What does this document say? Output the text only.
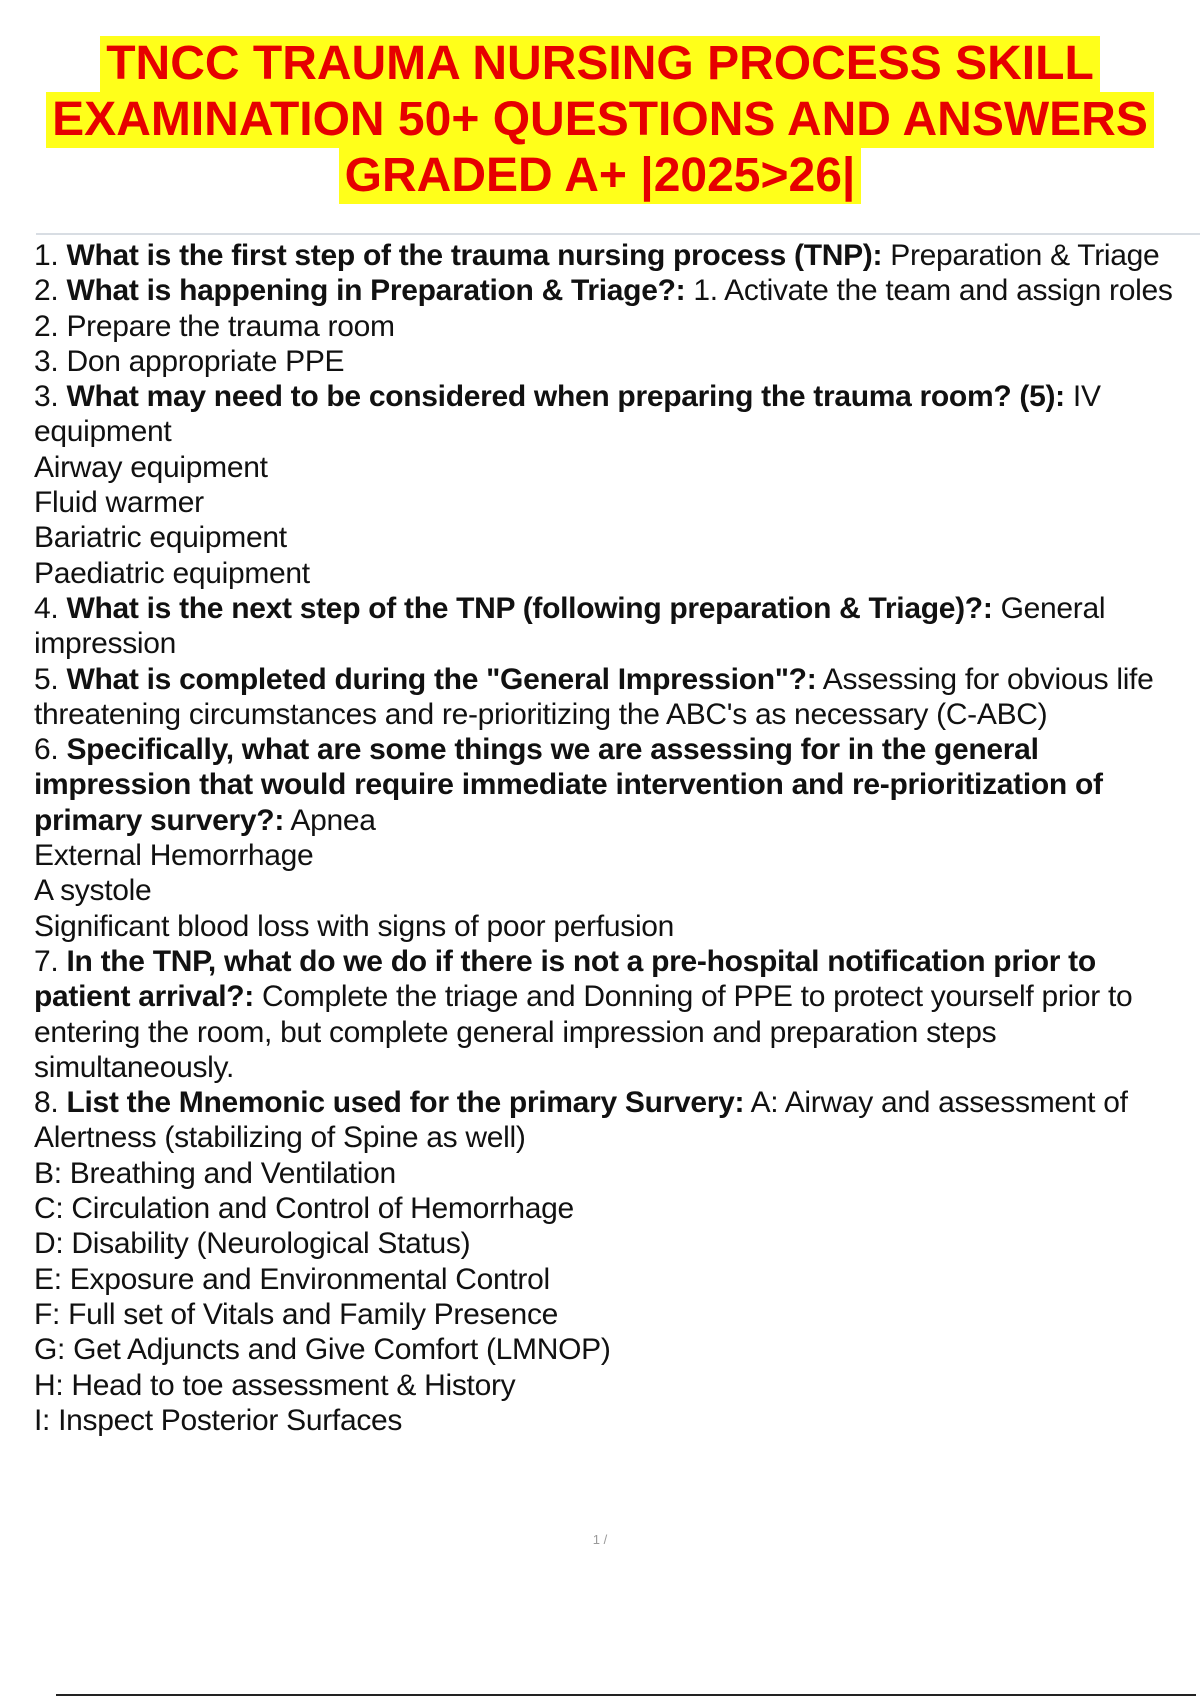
TNCC TRAUMA NURSING PROCESS SKILL
EXAMINATION 50+ QUESTIONS AND ANSWERS
GRADED A+ |2025>26|
1. What is the first step of the trauma nursing process (TNP): Preparation & Triage
2. What is happening in Preparation & Triage?: 1. Activate the team and assign roles
2. Prepare the trauma room
3. Don appropriate PPE
3. What may need to be considered when preparing the trauma room? (5): IV equipment
Airway equipment
Fluid warmer
Bariatric equipment
Paediatric equipment
4. What is the next step of the TNP (following preparation & Triage)?: General impression
5. What is completed during the "General Impression"?: Assessing for obvious life threatening circumstances and re-prioritizing the ABC's as necessary (C-ABC)
6. Specifically, what are some things we are assessing for in the general impression that would require immediate intervention and re-prioritization of primary survery?: Apnea
External Hemorrhage
A systole
Significant blood loss with signs of poor perfusion
7. In the TNP, what do we do if there is not a pre-hospital notification prior to patient arrival?: Complete the triage and Donning of PPE to protect yourself prior to entering the room, but complete general impression and preparation steps simultaneously.
8. List the Mnemonic used for the primary Survery: A: Airway and assessment of Alertness (stabilizing of Spine as well)
B: Breathing and Ventilation
C: Circulation and Control of Hemorrhage
D: Disability (Neurological Status)
E: Exposure and Environmental Control
F: Full set of Vitals and Family Presence
G: Get Adjuncts and Give Comfort (LMNOP)
H: Head to toe assessment & History
I: Inspect Posterior Surfaces
1 /
